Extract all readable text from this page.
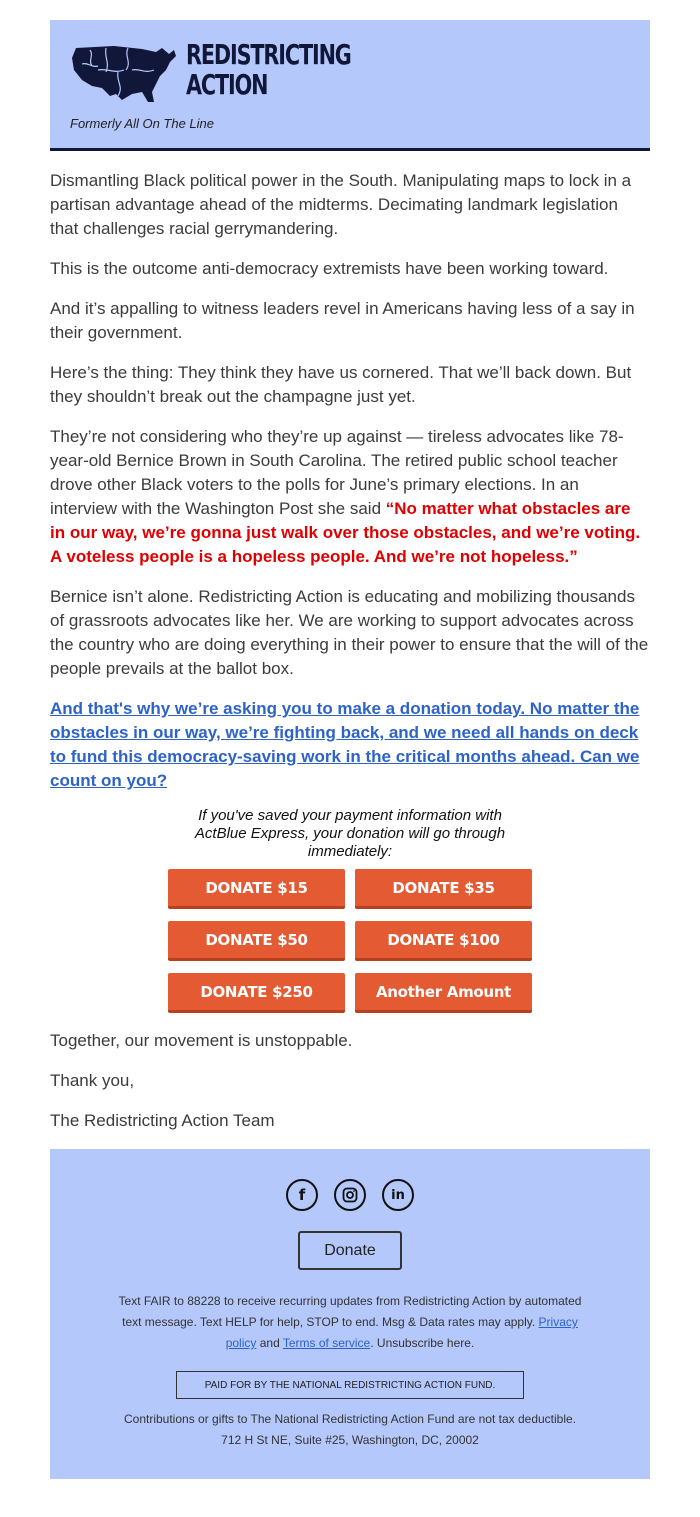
REDISTRICTING
ACTION
Formerly All On The Line

Dismantling Black political power in the South. Manipulating maps to lock in a partisan advantage ahead of the midterms. Decimating landmark legislation that challenges racial gerrymandering.

This is the outcome anti-democracy extremists have been working toward.

And it’s appalling to witness leaders revel in Americans having less of a say in their government.

Here’s the thing: They think they have us cornered. That we’ll back down. But they shouldn’t break out the champagne just yet.

They’re not considering who they’re up against — tireless advocates like 78-year-old Bernice Brown in South Carolina. The retired public school teacher drove other Black voters to the polls for June’s primary elections. In an interview with the Washington Post she said “No matter what obstacles are in our way, we’re gonna just walk over those obstacles, and we’re voting. A voteless people is a hopeless people. And we’re not hopeless.”

Bernice isn’t alone. Redistricting Action is educating and mobilizing thousands of grassroots advocates like her. We are working to support advocates across the country who are doing everything in their power to ensure that the will of the people prevails at the ballot box.

And that's why we’re asking you to make a donation today. No matter the obstacles in our way, we’re fighting back, and we need all hands on deck to fund this democracy-saving work in the critical months ahead. Can we count on you?
If you've saved your payment information with ActBlue Express, your donation will go through immediately:
DONATE $15	DONATE $35
DONATE $50	DONATE $100
DONATE $250	Another Amount

Together, our movement is unstoppable.

Thank you,

The Redistricting Action Team

f	in
Donate
Text FAIR to 88228 to receive recurring updates from Redistricting Action by automated text message. Text HELP for help, STOP to end. Msg & Data rates may apply. Privacy policy and Terms of service. Unsubscribe here.
PAID FOR BY THE NATIONAL REDISTRICTING ACTION FUND.
Contributions or gifts to The National Redistricting Action Fund are not tax deductible.
712 H St NE, Suite #25, Washington, DC, 20002
